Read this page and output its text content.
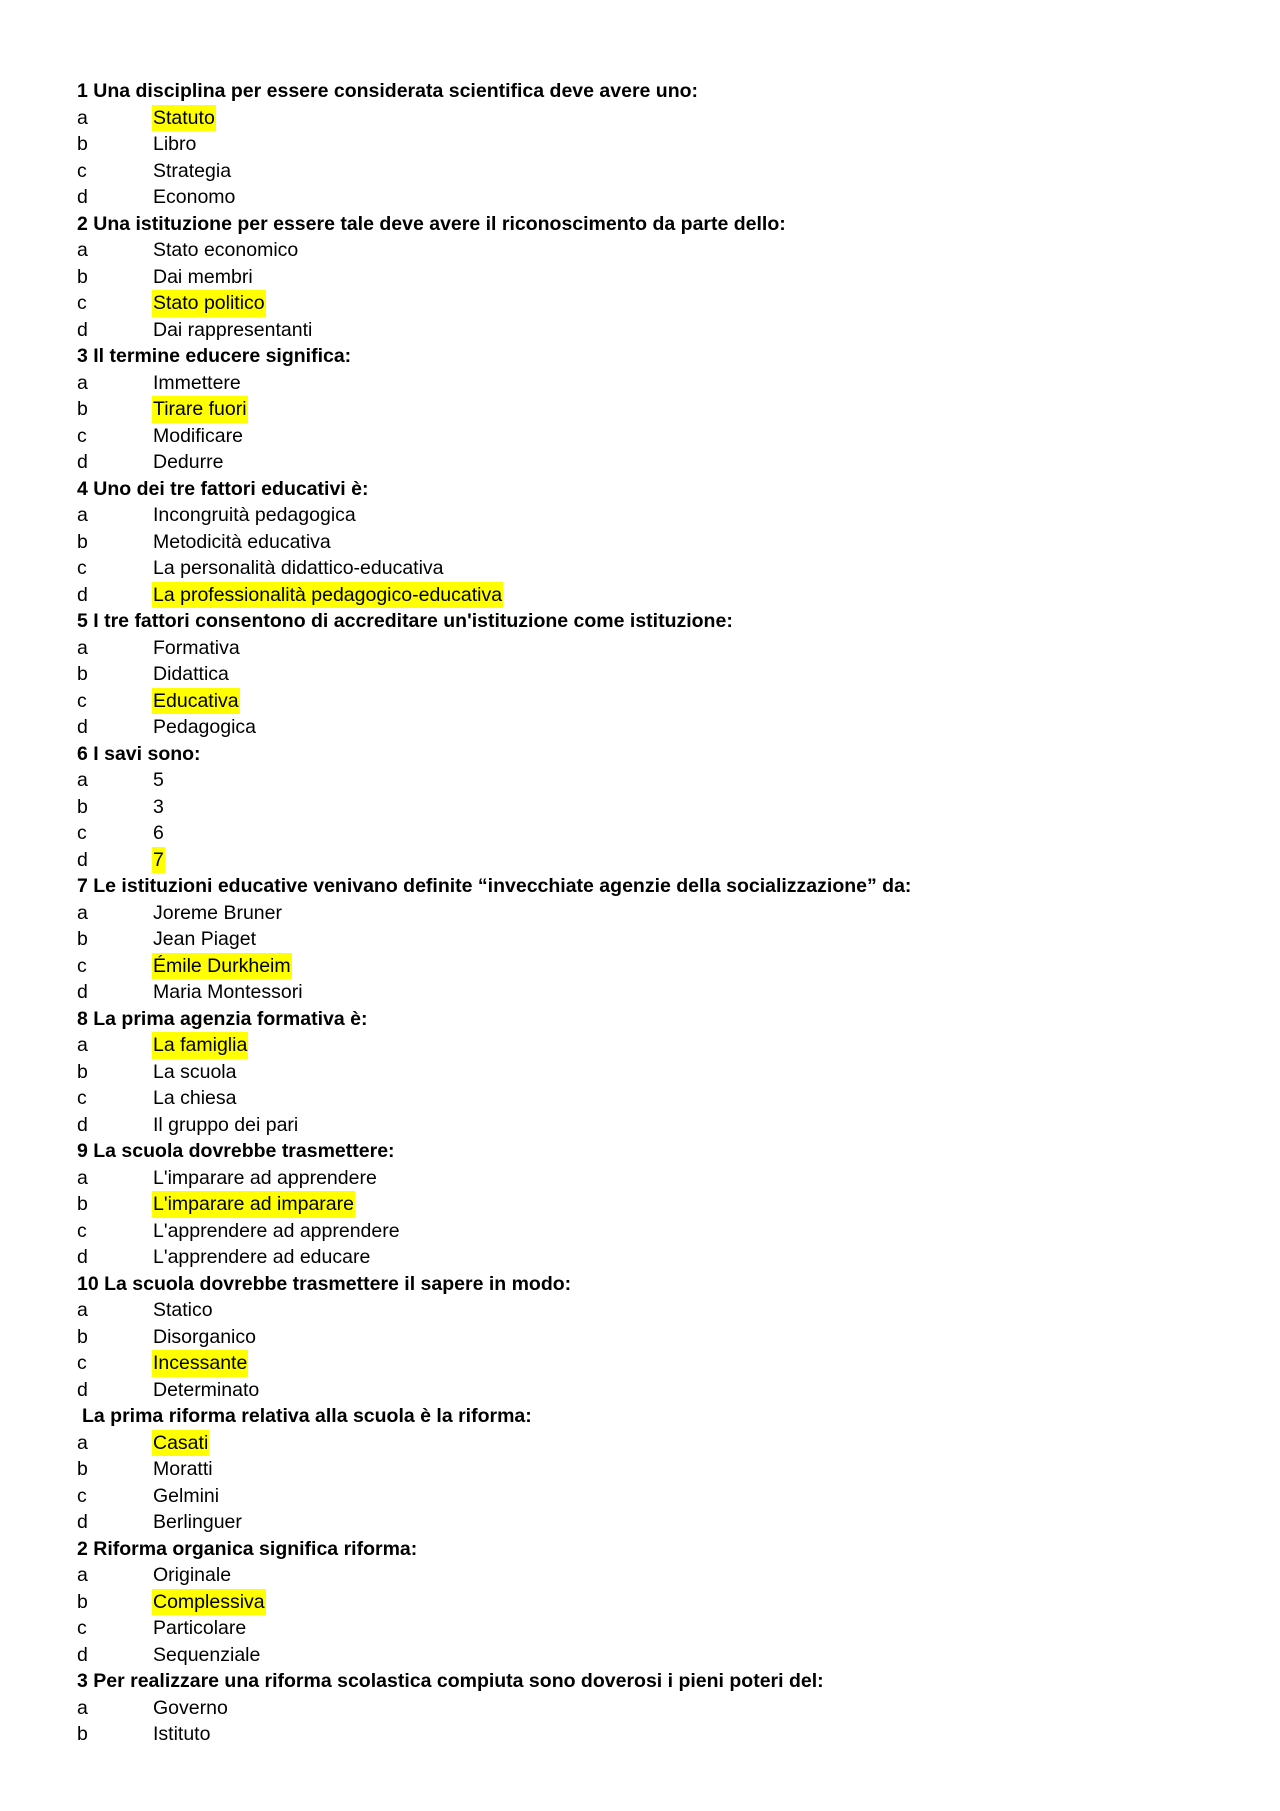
1 Una disciplina per essere considerata scientifica deve avere uno:
a	Statuto
b	Libro
c	Strategia
d	Economo
2 Una istituzione per essere tale deve avere il riconoscimento da parte dello:
a	Stato economico
b	Dai membri
c	Stato politico
d	Dai rappresentanti
3 Il termine educere significa:
a	Immettere
b	Tirare fuori
c	Modificare
d	Dedurre
4 Uno dei tre fattori educativi è:
a	Incongruità pedagogica
b	Metodicità educativa
c	La personalità didattico-educativa
d	La professionalità pedagogico-educativa
5 I tre fattori consentono di accreditare un'istituzione come istituzione:
a	Formativa
b	Didattica
c	Educativa
d	Pedagogica
6 I savi sono:
a	5
b	3
c	6
d	7
7 Le istituzioni educative venivano definite “invecchiate agenzie della socializzazione” da:
a	Joreme Bruner
b	Jean Piaget
c	Émile Durkheim
d	Maria Montessori
8 La prima agenzia formativa è:
a	La famiglia
b	La scuola
c	La chiesa
d	Il gruppo dei pari
9 La scuola dovrebbe trasmettere:
a	L'imparare ad apprendere
b	L'imparare ad imparare
c	L'apprendere ad apprendere
d	L'apprendere ad educare
10 La scuola dovrebbe trasmettere il sapere in modo:
a	Statico
b	Disorganico
c	Incessante
d	Determinato
La prima riforma relativa alla scuola è la riforma:
a	Casati
b	Moratti
c	Gelmini
d	Berlinguer
2 Riforma organica significa riforma:
a	Originale
b	Complessiva
c	Particolare
d	Sequenziale
3 Per realizzare una riforma scolastica compiuta sono doverosi i pieni poteri del:
a	Governo
b	Istituto
